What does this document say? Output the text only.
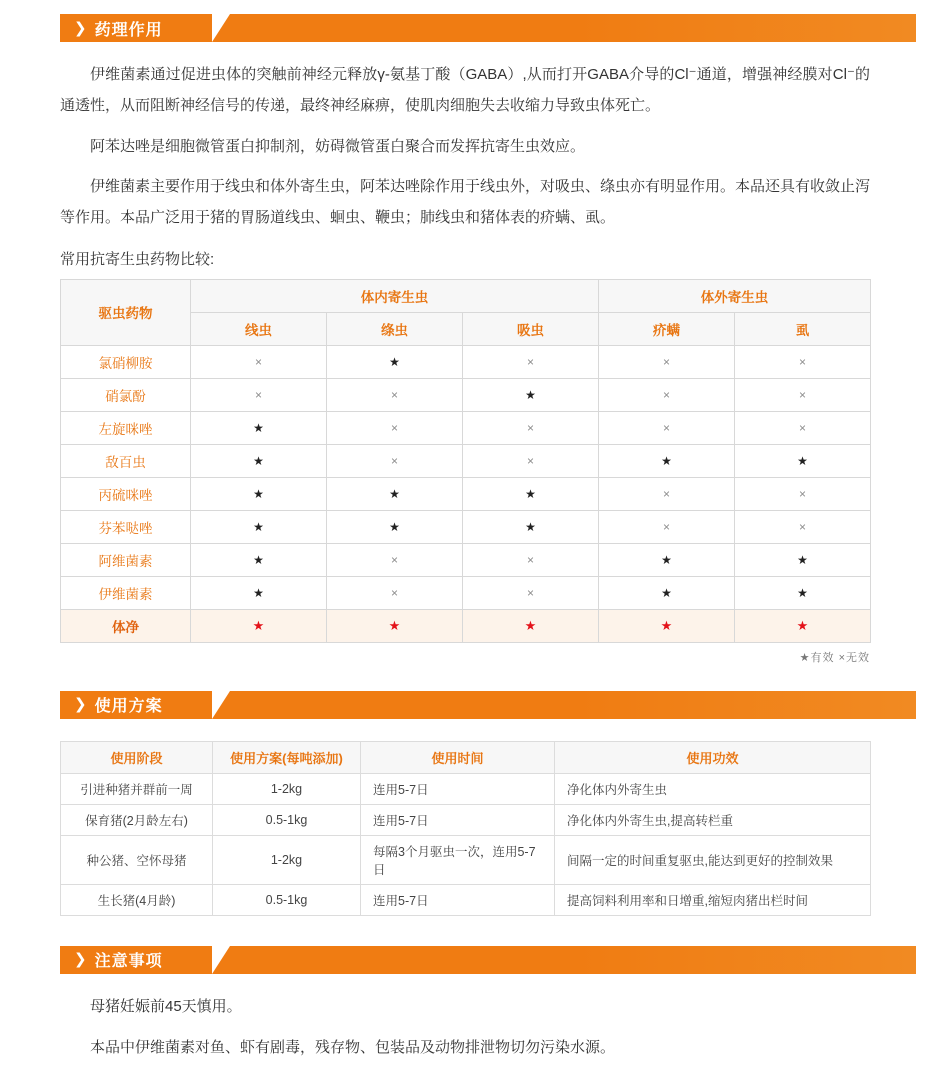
❯ 药理作用

伊维菌素通过促进虫体的突触前神经元释放γ-氨基丁酸（GABA）,从而打开GABA介导的Cl⁻通道，增强神经膜对Cl⁻的通透性，从而阻断神经信号的传递，最终神经麻痹，使肌肉细胞失去收缩力导致虫体死亡。

阿苯达唑是细胞微管蛋白抑制剂，妨碍微管蛋白聚合而发挥抗寄生虫效应。

伊维菌素主要作用于线虫和体外寄生虫，阿苯达唑除作用于线虫外，对吸虫、绦虫亦有明显作用。本品还具有收敛止泻等作用。本品广泛用于猪的胃肠道线虫、蛔虫、鞭虫；肺线虫和猪体表的疥螨、虱。

常用抗寄生虫药物比较:
驱虫药物	体内寄生虫			体外寄生虫	
	线虫	绦虫	吸虫	疥螨	虱
氯硝柳胺	×	★	×	×	×
硝氯酚	×	×	★	×	×
左旋咪唑	★	×	×	×	×
敌百虫	★	×	×	★	★
丙硫咪唑	★	★	★	×	×
芬苯哒唑	★	★	★	×	×
阿维菌素	★	×	×	★	★
伊维菌素	★	×	×	★	★
体净	★	★	★	★	★
★有效 ×无效
❯ 使用方案
使用阶段	使用方案(每吨添加)	使用时间	使用功效
引进种猪并群前一周	1-2kg	连用5-7日	净化体内外寄生虫
保育猪(2月龄左右)	0.5-1kg	连用5-7日	净化体内外寄生虫,提高转栏重
种公猪、空怀母猪	1-2kg	每隔3个月驱虫一次，连用5-7日	间隔一定的时间重复驱虫,能达到更好的控制效果
生长猪(4月龄)	0.5-1kg	连用5-7日	提高饲料利用率和日增重,缩短肉猪出栏时间
❯ 注意事项

母猪妊娠前45天慎用。

本品中伊维菌素对鱼、虾有剧毒，残存物、包装品及动物排泄物切勿污染水源。
